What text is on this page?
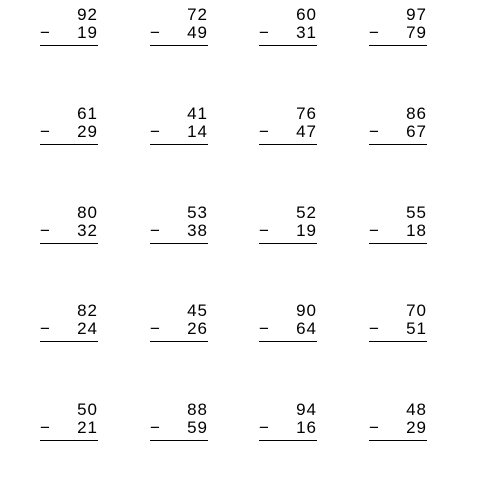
92
− 19
72
− 49
60
− 31
97
− 79
61
− 29
41
− 14
76
− 47
86
− 67
80
− 32
53
− 38
52
− 19
55
− 18
82
− 24
45
− 26
90
− 64
70
− 51
50
− 21
88
− 59
94
− 16
48
− 29
